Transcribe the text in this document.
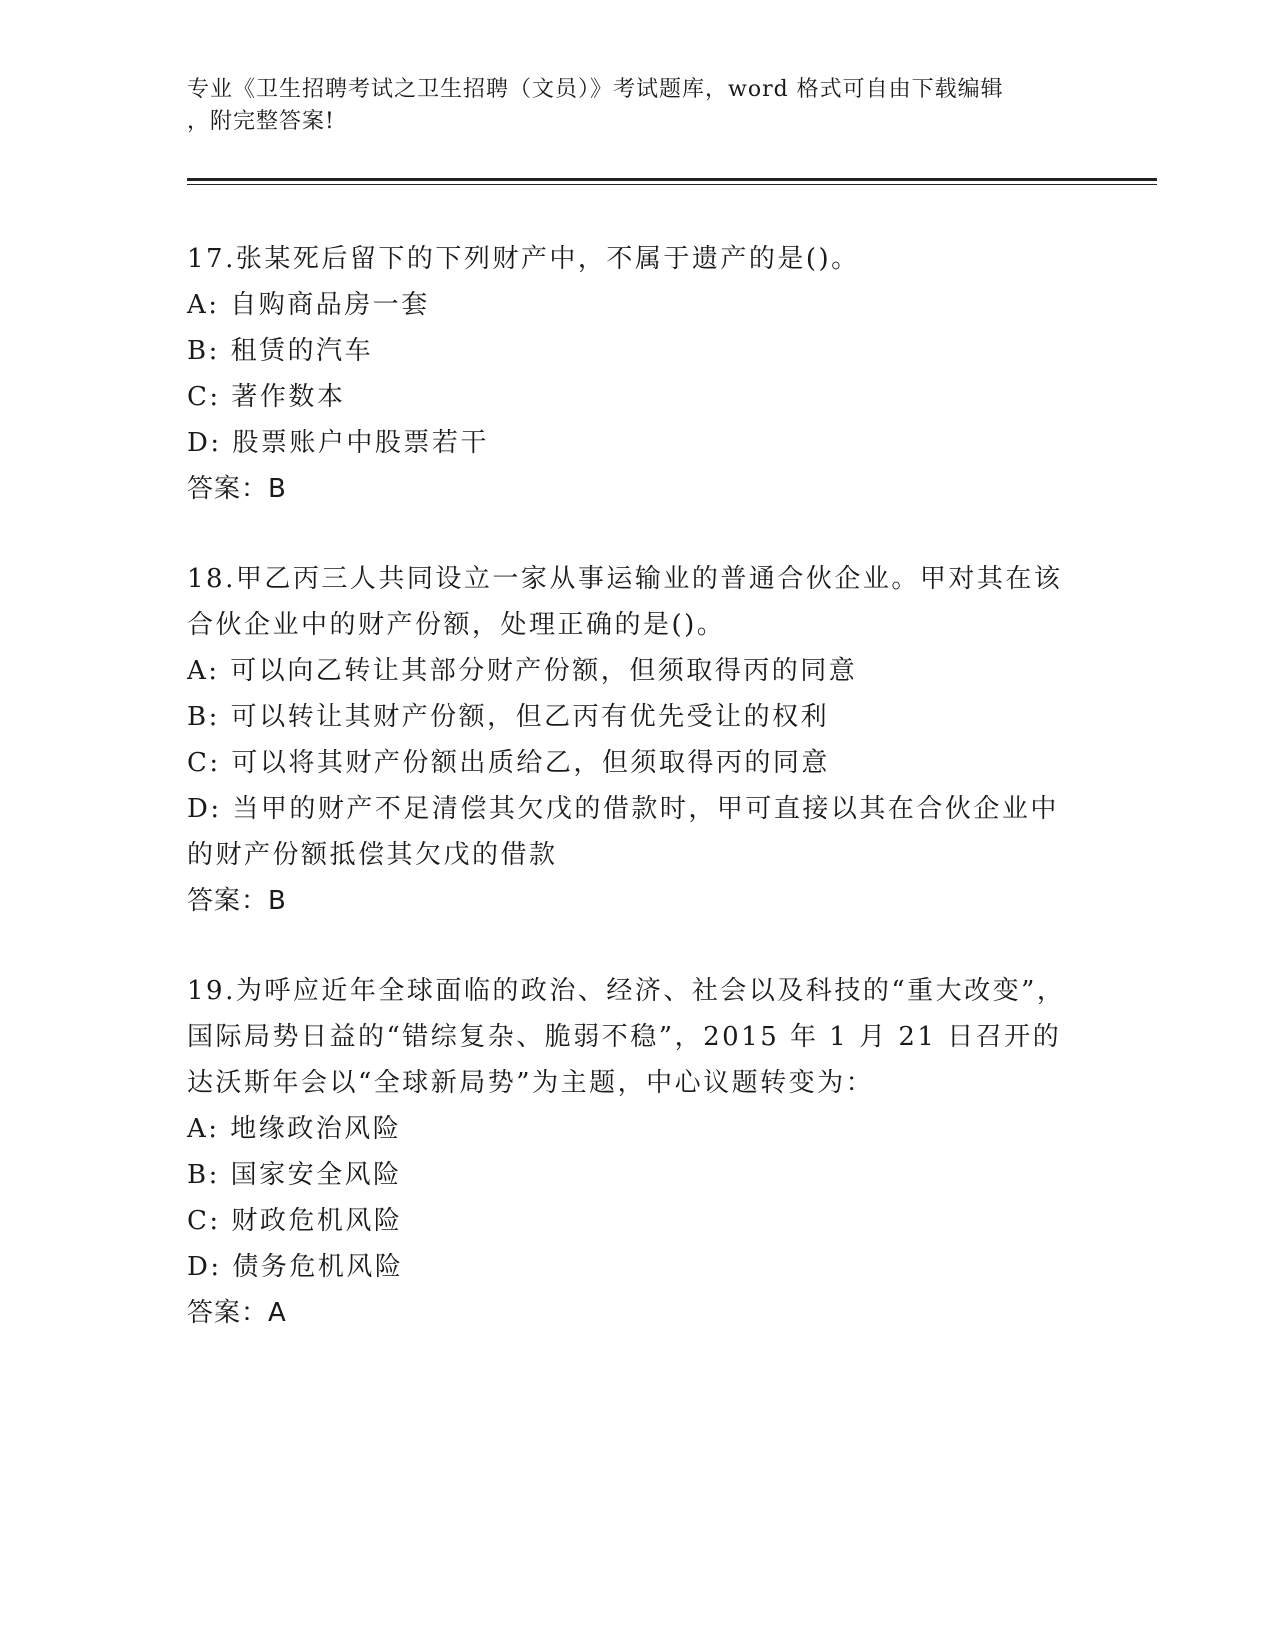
专业《卫生招聘考试之卫生招聘（文员）》考试题库，word 格式可自由下载编辑
，附完整答案!
17.张某死后留下的下列财产中，不属于遗产的是()。
A: 自购商品房一套
B: 租赁的汽车
C: 著作数本
D: 股票账户中股票若干
答案：B
18.甲乙丙三人共同设立一家从事运输业的普通合伙企业。甲对其在该合伙企业中的财产份额，处理正确的是()。
A: 可以向乙转让其部分财产份额，但须取得丙的同意
B: 可以转让其财产份额，但乙丙有优先受让的权利
C: 可以将其财产份额出质给乙，但须取得丙的同意
D: 当甲的财产不足清偿其欠戊的借款时，甲可直接以其在合伙企业中的财产份额抵偿其欠戊的借款
答案：B
19.为呼应近年全球面临的政治、经济、社会以及科技的“重大改变”，国际局势日益的“错综复杂、脆弱不稳”，2015 年 1 月 21 日召开的达沃斯年会以“全球新局势”为主题，中心议题转变为：
A: 地缘政治风险
B: 国家安全风险
C: 财政危机风险
D: 债务危机风险
答案：A
